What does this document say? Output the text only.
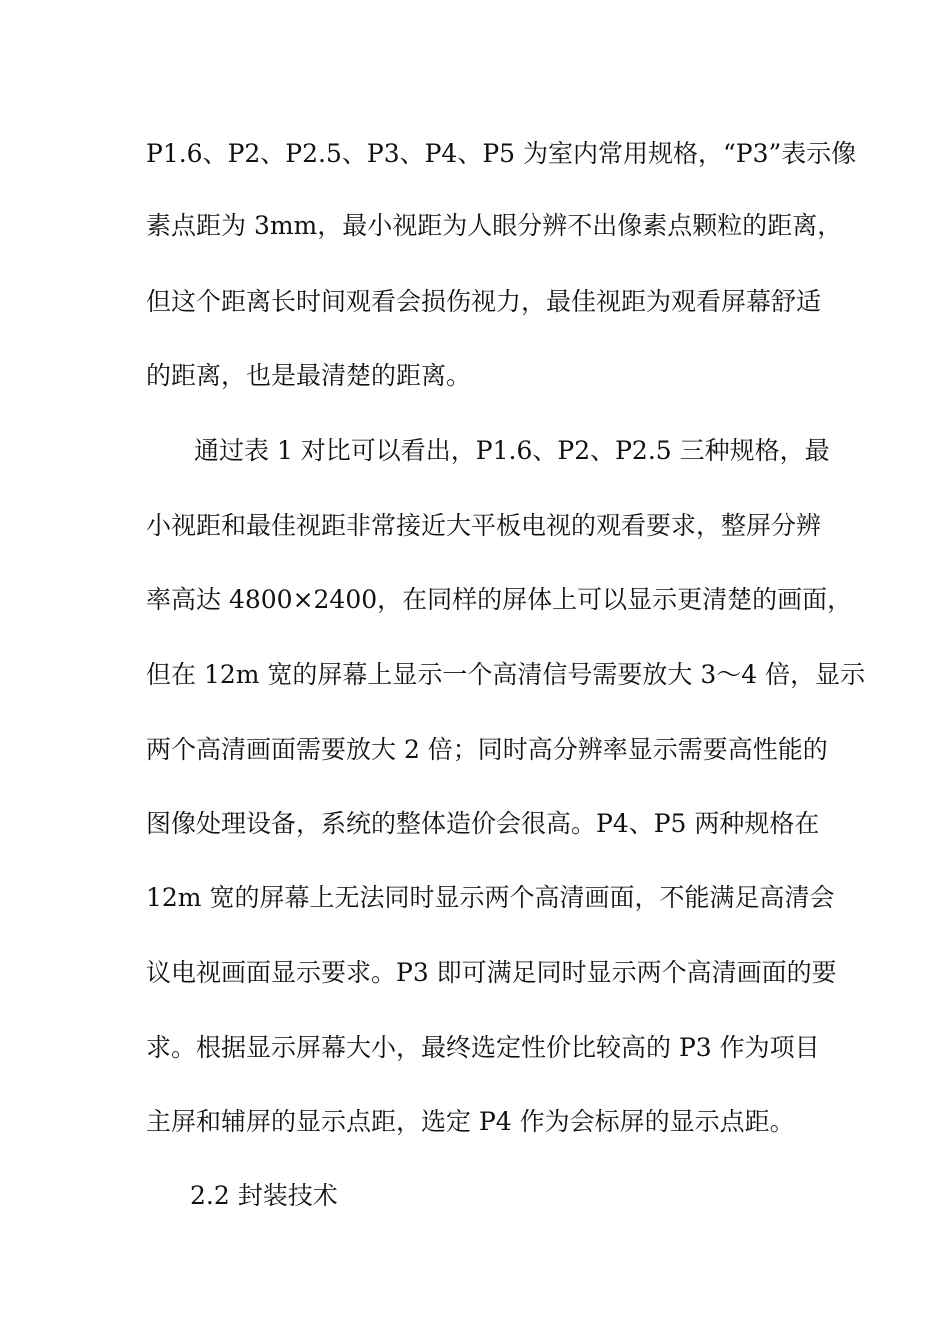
P1.6、P2、P2.5、P3、P4、P5 为室内常用规格，“P3”表示像
素点距为 3mm，最小视距为人眼分辨不出像素点颗粒的距离，
但这个距离长时间观看会损伤视力，最佳视距为观看屏幕舒适
的距离，也是最清楚的距离。
通过表 1 对比可以看出，P1.6、P2、P2.5 三种规格，最
小视距和最佳视距非常接近大平板电视的观看要求，整屏分辨
率高达 4800×2400，在同样的屏体上可以显示更清楚的画面，
但在 12m 宽的屏幕上显示一个高清信号需要放大 3～4 倍，显示
两个高清画面需要放大 2 倍；同时高分辨率显示需要高性能的
图像处理设备，系统的整体造价会很高。P4、P5 两种规格在
12m 宽的屏幕上无法同时显示两个高清画面，不能满足高清会
议电视画面显示要求。P3 即可满足同时显示两个高清画面的要
求。根据显示屏幕大小，最终选定性价比较高的 P3 作为项目
主屏和辅屏的显示点距，选定 P4 作为会标屏的显示点距。
2.2 封装技术
